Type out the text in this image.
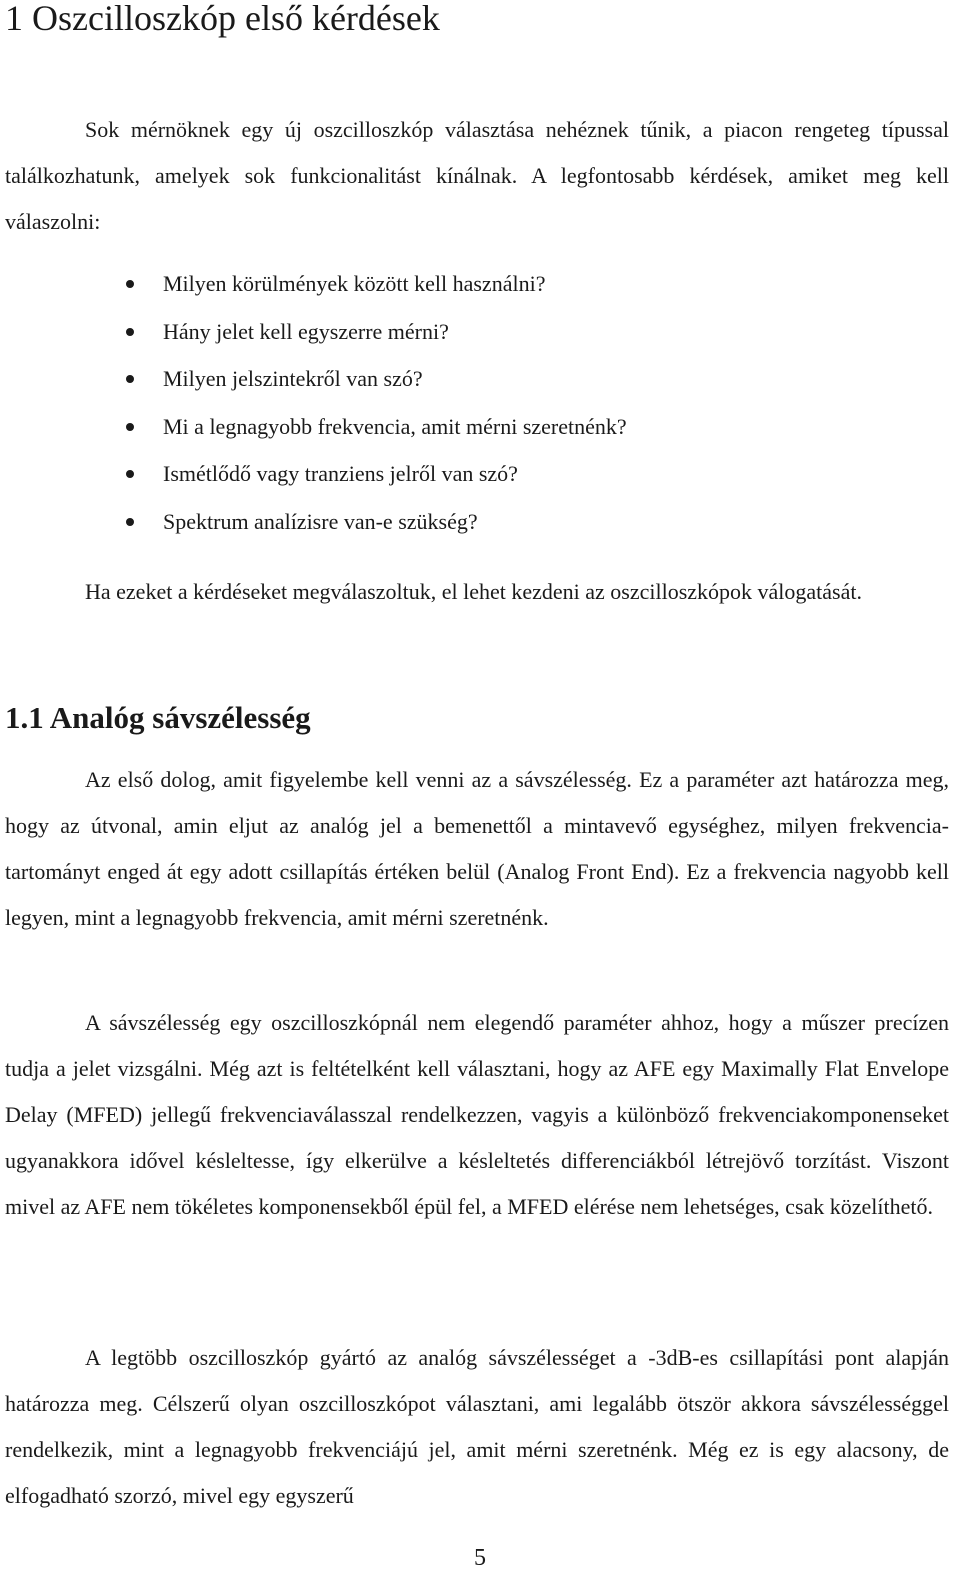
1 Oszcilloszkóp első kérdések

Sok mérnöknek egy új oszcilloszkóp választása nehéznek tűnik, a piacon rengeteg típussal találkozhatunk, amelyek sok funkcionalitást kínálnak. A legfontosabb kérdések, amiket meg kell válaszolni:

Milyen körülmények között kell használni?
Hány jelet kell egyszerre mérni?
Milyen jelszintekről van szó?
Mi a legnagyobb frekvencia, amit mérni szeretnénk?
Ismétlődő vagy tranziens jelről van szó?
Spektrum analízisre van-e szükség?

Ha ezeket a kérdéseket megválaszoltuk, el lehet kezdeni az oszcilloszkópok válogatását.

1.1 Analóg sávszélesség

Az első dolog, amit figyelembe kell venni az a sávszélesség. Ez a paraméter azt határozza meg, hogy az útvonal, amin eljut az analóg jel a bemenettől a mintavevő egységhez, milyen frekvencia-tartományt enged át egy adott csillapítás értéken belül (Analog Front End). Ez a frekvencia nagyobb kell legyen, mint a legnagyobb frekvencia, amit mérni szeretnénk.

A sávszélesség egy oszcilloszkópnál nem elegendő paraméter ahhoz, hogy a műszer precízen tudja a jelet vizsgálni. Még azt is feltételként kell választani, hogy az AFE egy Maximally Flat Envelope Delay (MFED) jellegű frekvenciaválasszal rendelkezzen, vagyis a különböző frekvenciakomponenseket ugyanakkora idővel késleltesse, így elkerülve a késleltetés differenciákból létrejövő torzítást. Viszont mivel az AFE nem tökéletes komponensekből épül fel, a MFED elérése nem lehetséges, csak közelíthető.

A legtöbb oszcilloszkóp gyártó az analóg sávszélességet a -3dB-es csillapítási pont alapján határozza meg. Célszerű olyan oszcilloszkópot választani, ami legalább ötször akkora sávszélességgel rendelkezik, mint a legnagyobb frekvenciájú jel, amit mérni szeretnénk. Még ez is egy alacsony, de elfogadható szorzó, mivel egy egyszerű

5
